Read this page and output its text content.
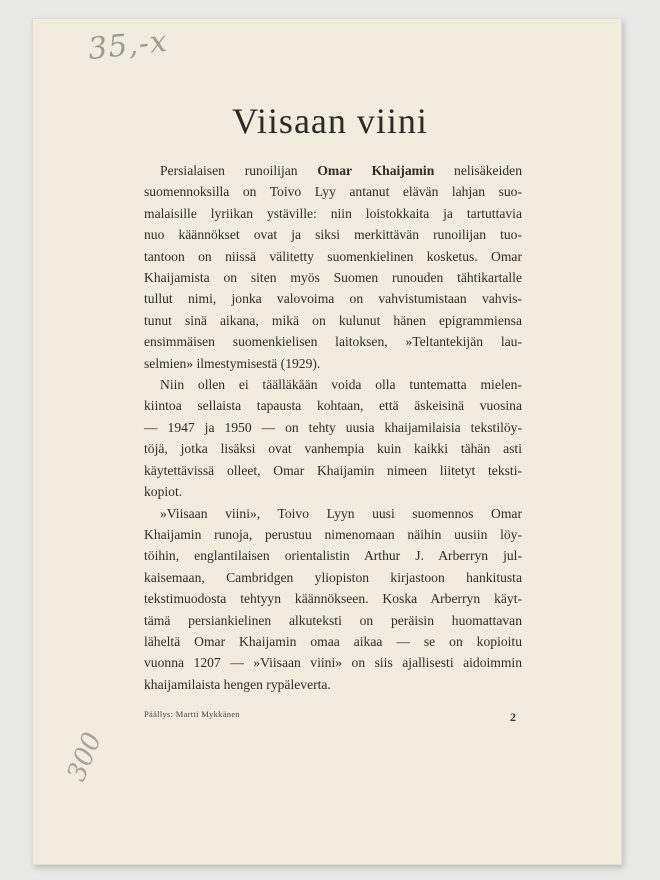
35,-x
300
Viisaan viini
Persialaisen runoilijan Omar Khaijamin nelisäkeiden
suomennoksilla on Toivo Lyy antanut elävän lahjan suo-
malaisille lyriikan ystäville: niin loistokkaita ja tartuttavia
nuo käännökset ovat ja siksi merkittävän runoilijan tuo-
tantoon on niissä välitetty suomenkielinen kosketus. Omar
Khaijamista on siten myös Suomen runouden tähtikartalle
tullut nimi, jonka valovoima on vahvistumistaan vahvis-
tunut sinä aikana, mikä on kulunut hänen epigrammiensa
ensimmäisen suomenkielisen laitoksen, »Teltantekijän lau-
selmien» ilmestymisestä (1929).
Niin ollen ei täälläkään voida olla tuntematta mielen-
kiintoa sellaista tapausta kohtaan, että äskeisinä vuosina
— 1947 ja 1950 — on tehty uusia khaijamilaisia tekstilöy-
töjä, jotka lisäksi ovat vanhempia kuin kaikki tähän asti
käytettävissä olleet, Omar Khaijamin nimeen liitetyt teksti-
kopiot.
»Viisaan viini», Toivo Lyyn uusi suomennos Omar
Khaijamin runoja, perustuu nimenomaan näihin uusiin löy-
töihin, englantilaisen orientalistin Arthur J. Arberryn jul-
kaisemaan, Cambridgen yliopiston kirjastoon hankitusta
tekstimuodosta tehtyyn käännökseen. Koska Arberryn käyt-
tämä persiankielinen alkuteksti on peräisin huomattavan
läheltä Omar Khaijamin omaa aikaa — se on kopioitu
vuonna 1207 — »Viisaan viini» on siis ajallisesti aidoimmin
khaijamilaista hengen rypäleverta.
Päällys: Martti Mykkänen	2
